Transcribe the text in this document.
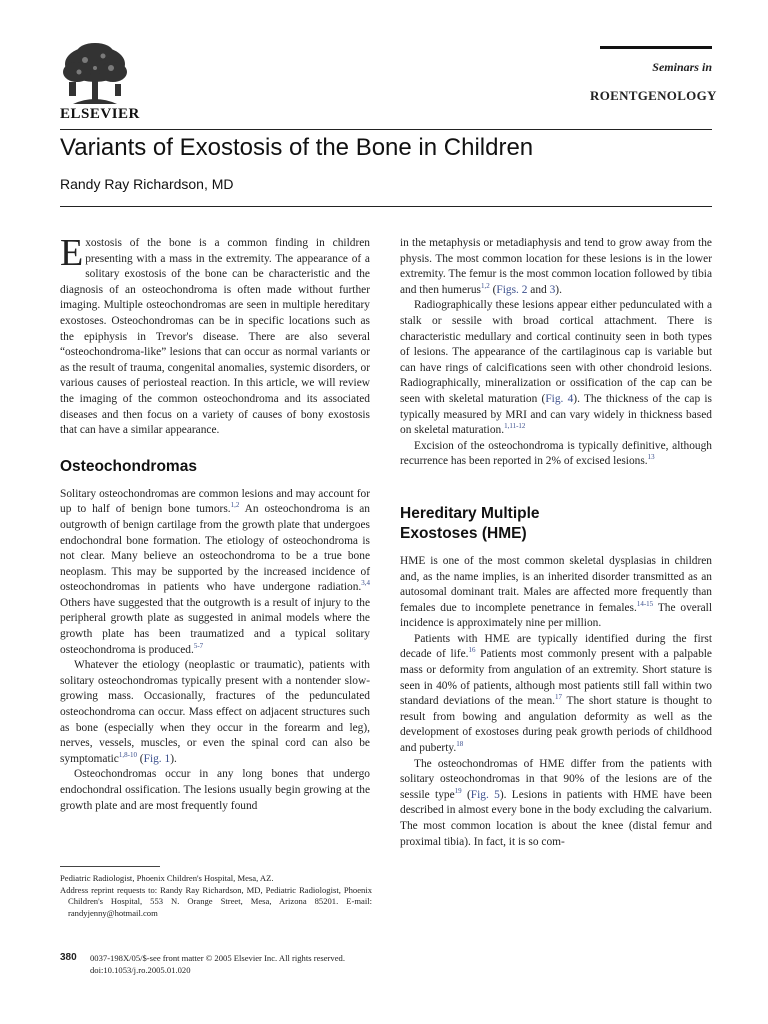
ELSEVIER
Seminars in
ROENTGENOLOGY
Variants of Exostosis of the Bone in Children
Randy Ray Richardson, MD

Exostosis of the bone is a common finding in children presenting with a mass in the extremity. The appearance of a solitary exostosis of the bone can be characteristic and the diagnosis of an osteochondroma is often made without further imaging. Multiple osteochondromas are seen in multiple hereditary exostoses. Osteochondromas can be in specific locations such as the epiphysis in Trevor's disease. There are also several “osteochondroma-like” lesions that can occur as normal variants or as the result of trauma, congenital anomalies, systemic disorders, or various causes of periosteal reaction. In this article, we will review the imaging of the common osteochondroma and its associated diseases and then focus on a variety of causes of bony exostosis that can have a similar appearance.

Osteochondromas

Solitary osteochondromas are common lesions and may account for up to half of benign bone tumors.$^{1,2}$ An osteochondroma is an outgrowth of benign cartilage from the growth plate that undergoes endochondral bone formation. The etiology of osteochondroma is not clear. Many believe an osteochondroma to be a true bone neoplasm. This may be supported by the increased incidence of osteochondromas in patients who have undergone radiation.$^{3,4}$ Others have suggested that the outgrowth is a result of injury to the peripheral growth plate as suggested in animal models where the growth plate has been traumatized and a typical solitary osteochondroma is produced.$^{5-7}$

Whatever the etiology (neoplastic or traumatic), patients with solitary osteochondromas typically present with a nontender slow-growing mass. Occasionally, fractures of the pedunculated osteochondroma can occur. Mass effect on adjacent structures such as bone (especially when they occur in the forearm and leg), nerves, vessels, muscles, or even the spinal cord can also be symptomatic$^{1,8-10}$ (Fig. 1).

Osteochondromas occur in any long bones that undergo endochondral ossification. The lesions usually begin growing at the growth plate and are most frequently found

in the metaphysis or metadiaphysis and tend to grow away from the physis. The most common location for these lesions is in the lower extremity. The femur is the most common location followed by tibia and then humerus$^{1,2}$ (Figs. 2 and 3).

Radiographically these lesions appear either pedunculated with a stalk or sessile with broad cortical attachment. There is characteristic medullary and cortical continuity seen in both types of lesions. The appearance of the cartilaginous cap is variable but can have rings of calcifications seen with other chondroid lesions. Radiographically, mineralization or ossification of the cap can be seen with skeletal maturation (Fig. 4). The thickness of the cap is typically measured by MRI and can vary widely in thickness based on skeletal maturation.$^{1,11-12}$

Excision of the osteochondroma is typically definitive, although recurrence has been reported in 2% of excised lesions.$^{13}$

Hereditary Multiple
Exostoses (HME)

HME is one of the most common skeletal dysplasias in children and, as the name implies, is an inherited disorder transmitted as an autosomal dominant trait. Males are affected more frequently than females due to incomplete penetrance in females.$^{14-15}$ The overall incidence is approximately nine per million.

Patients with HME are typically identified during the first decade of life.$^{16}$ Patients most commonly present with a palpable mass or deformity from angulation of an extremity. Short stature is seen in 40% of patients, although most patients still fall within two standard deviations of the mean.$^{17}$ The short stature is thought to result from bowing and angulation deformity as well as the development of exostoses during peak growth periods of childhood and puberty.$^{18}$

The osteochondromas of HME differ from the patients with solitary osteochondromas in that 90% of the lesions are of the sessile type$^{19}$ (Fig. 5). Lesions in patients with HME have been described in almost every bone in the body excluding the calvarium. The most common location is about the knee (distal femur and proximal tibia). In fact, it is so com-

Pediatric Radiologist, Phoenix Children's Hospital, Mesa, AZ.

Address reprint requests to: Randy Ray Richardson, MD, Pediatric Radiologist, Phoenix Children's Hospital, 553 N. Orange Street, Mesa, Arizona 85201. E-mail: randyjenny@hotmail.com

380 0037-198X/05/$-see front matter © 2005 Elsevier Inc. All rights reserved.
doi:10.1053/j.ro.2005.01.020
